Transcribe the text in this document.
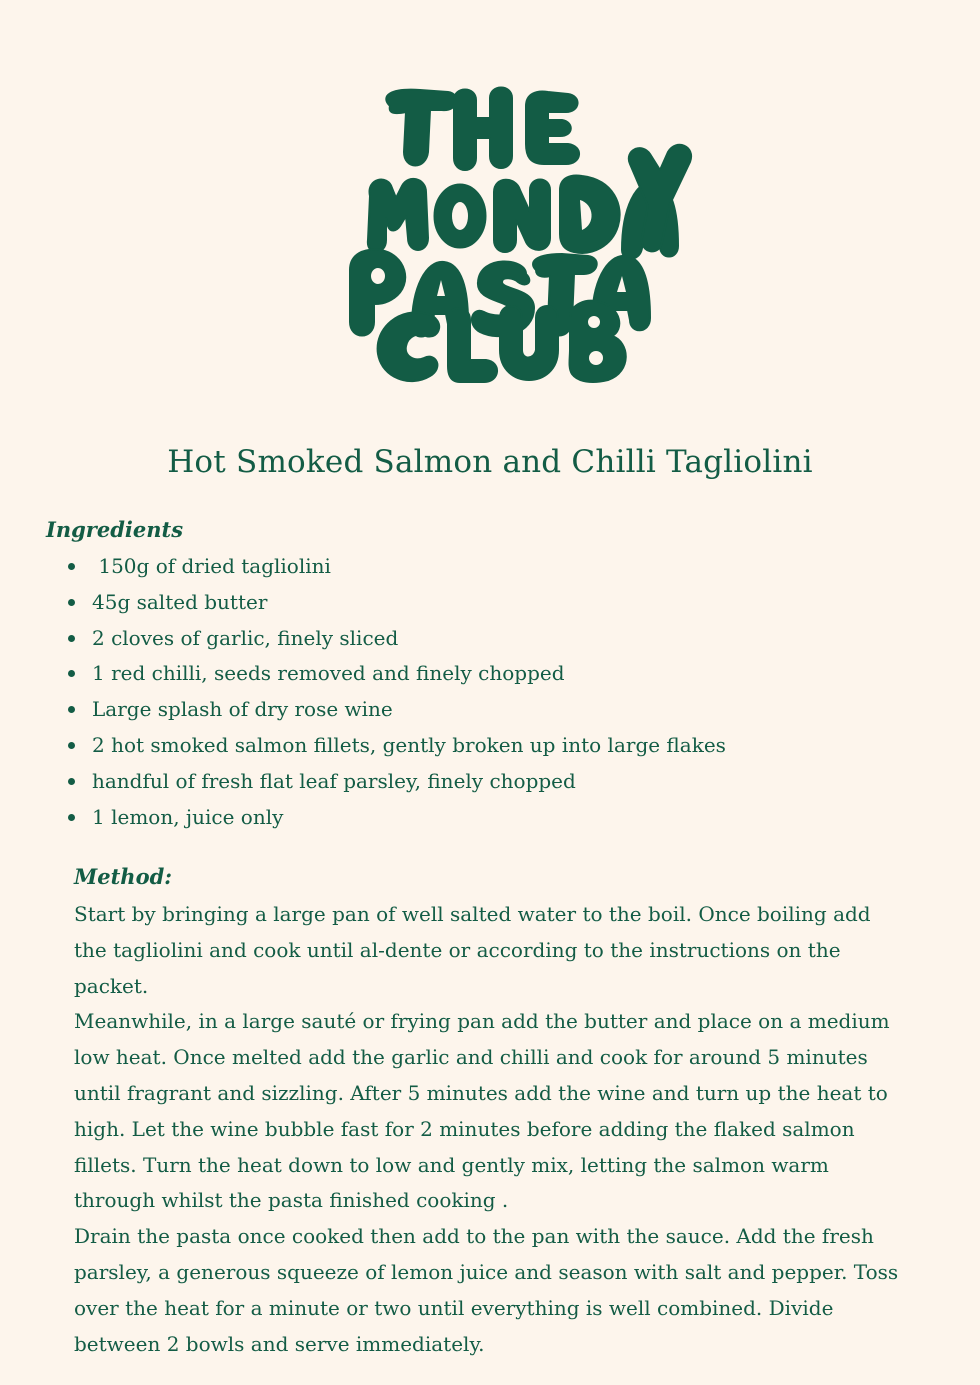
Hot Smoked Salmon and Chilli Tagliolini
Ingredients
150g of dried tagliolini
45g salted butter
2 cloves of garlic, finely sliced
1 red chilli, seeds removed and finely chopped
Large splash of dry rose wine
2 hot smoked salmon fillets, gently broken up into large flakes
handful of fresh flat leaf parsley, finely chopped
1 lemon, juice only
Method:

Start by bringing a large pan of well salted water to the boil. Once boiling add the tagliolini and cook until al-dente or according to the instructions on the packet.

Meanwhile, in a large sauté or frying pan add the butter and place on a medium low heat. Once melted add the garlic and chilli and cook for around 5 minutes until fragrant and sizzling. After 5 minutes add the wine and turn up the heat to high. Let the wine bubble fast for 2 minutes before adding the flaked salmon fillets. Turn the heat down to low and gently mix, letting the salmon warm through whilst the pasta finished cooking .

Drain the pasta once cooked then add to the pan with the sauce. Add the fresh parsley, a generous squeeze of lemon juice and season with salt and pepper. Toss over the heat for a minute or two until everything is well combined. Divide between 2 bowls and serve immediately.
